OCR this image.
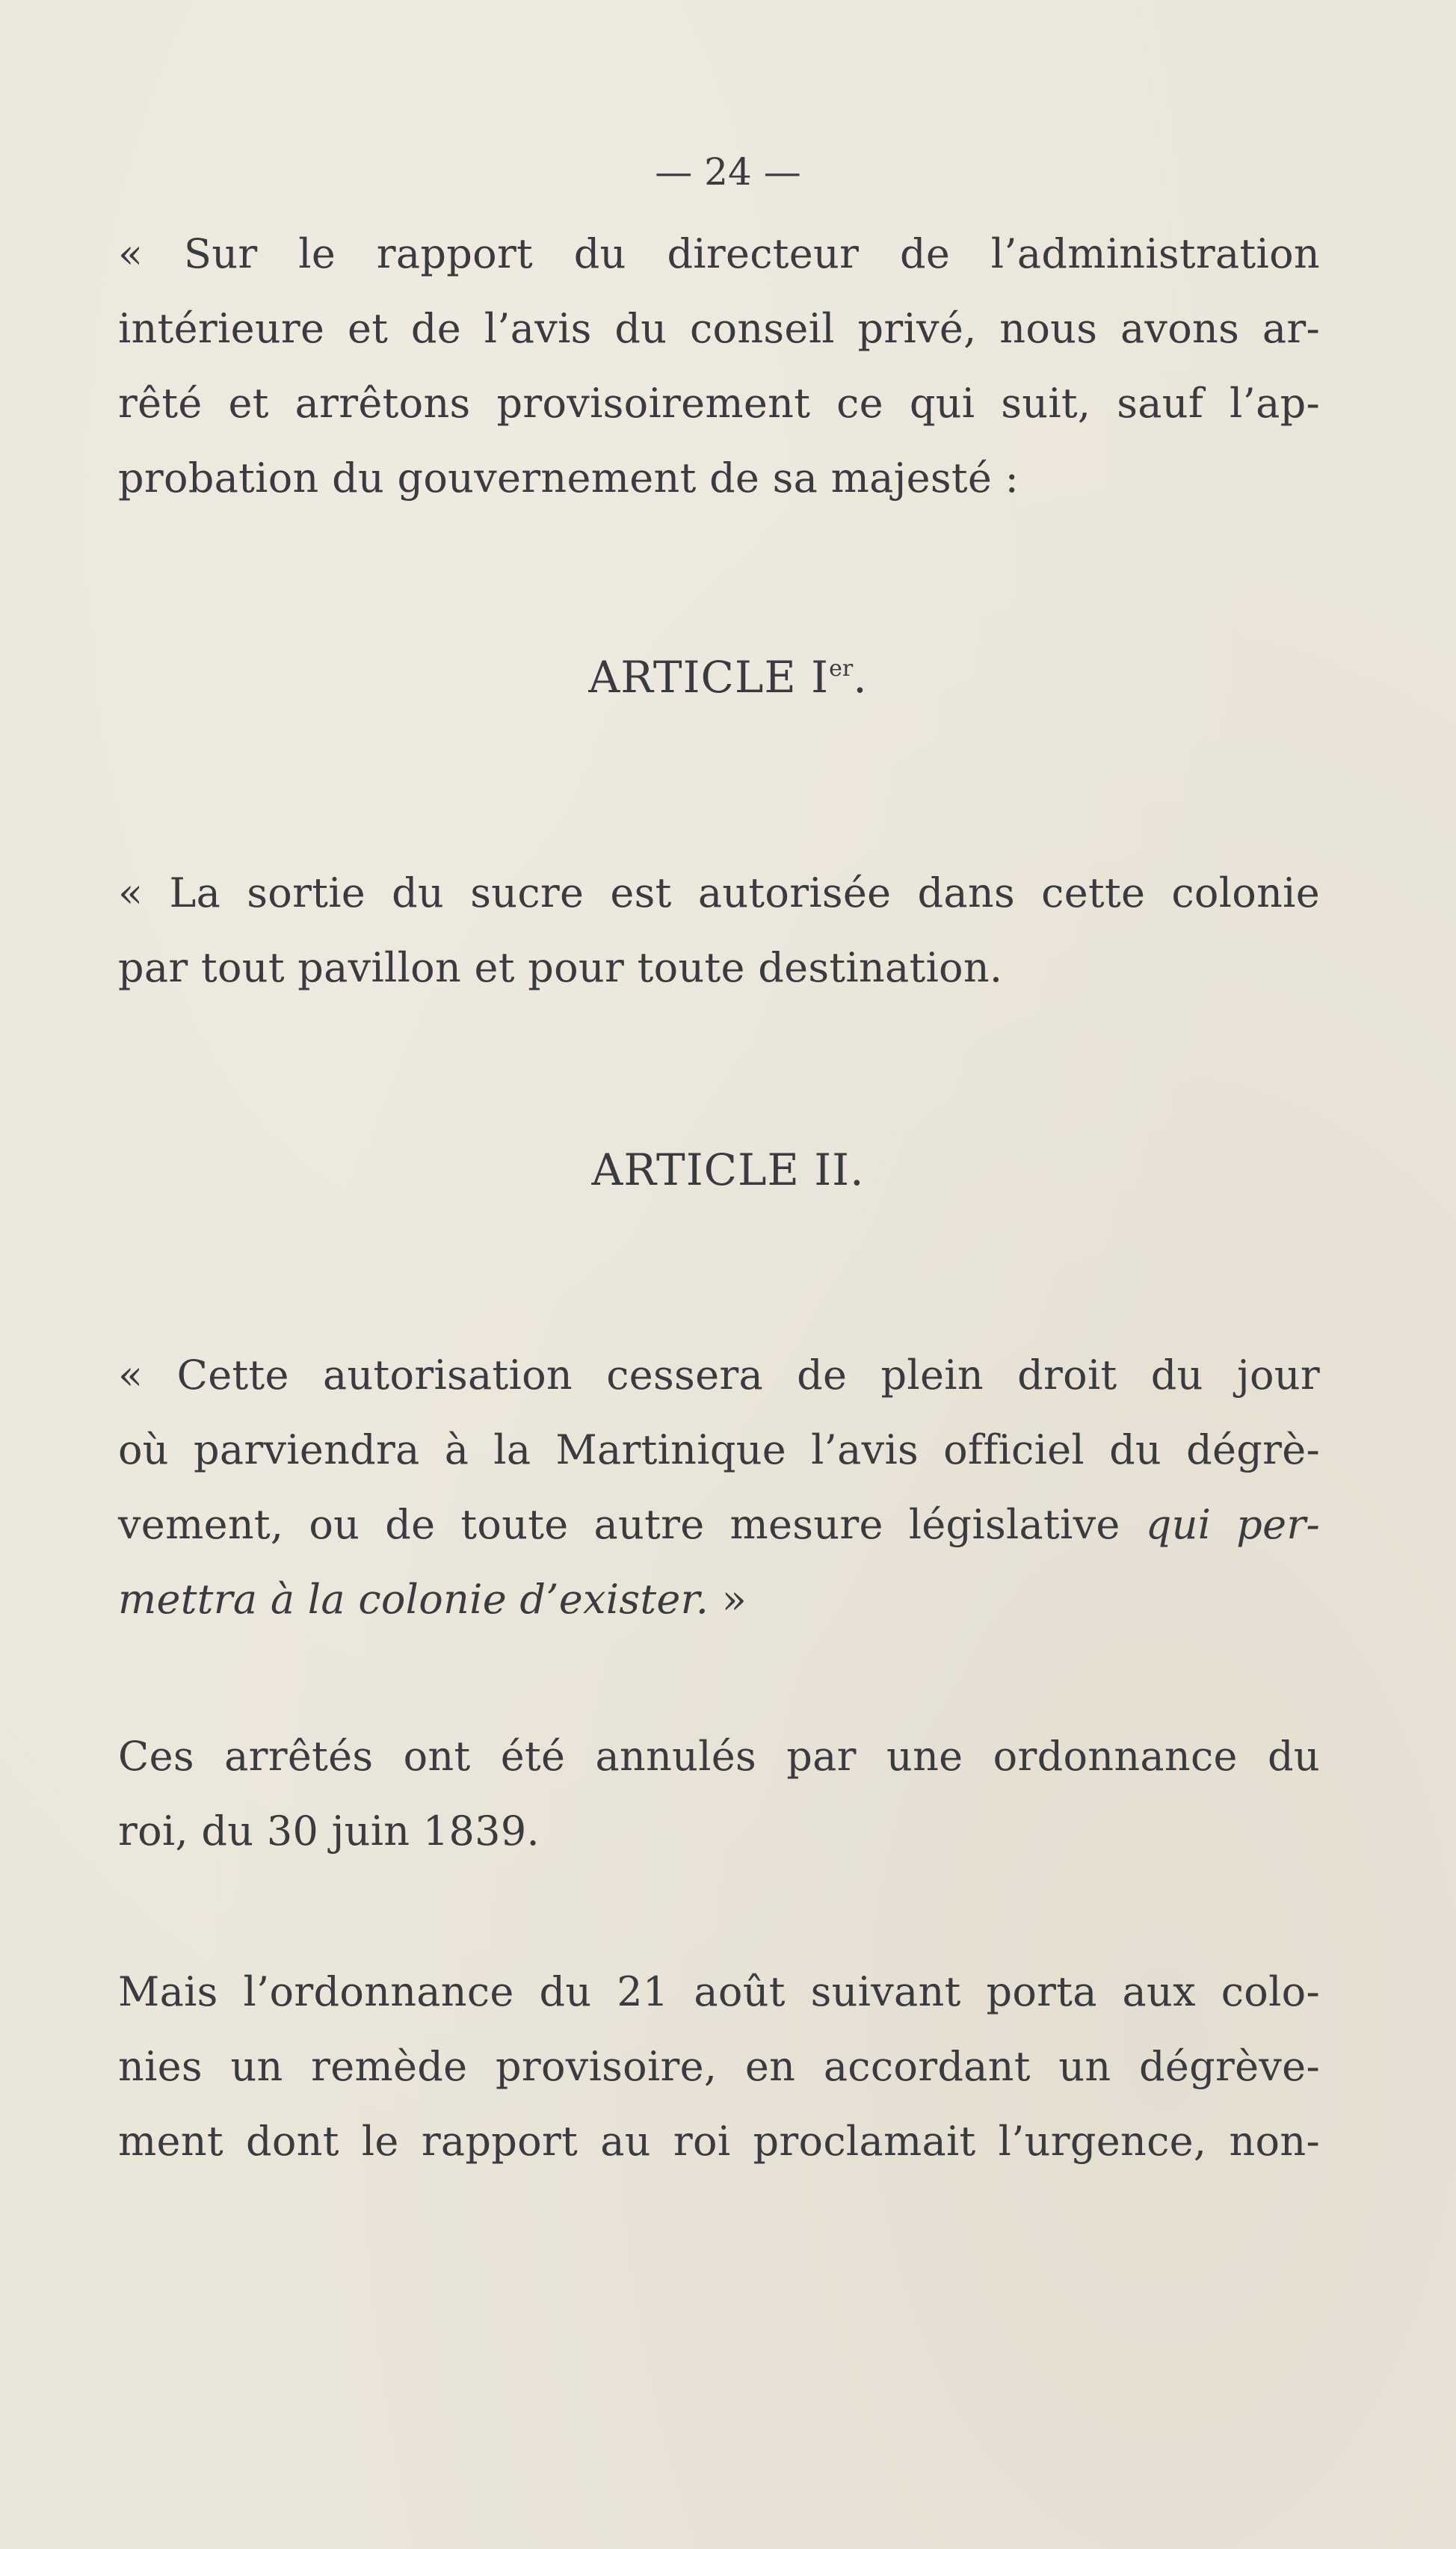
— 24 —
« Sur le rapport du directeur de l’administration
intérieure et de l’avis du conseil privé, nous avons ar-
rêté et arrêtons provisoirement ce qui suit, sauf l’ap-
probation du gouvernement de sa majesté :
ARTICLE Ier.
« La sortie du sucre est autorisée dans cette colonie
par tout pavillon et pour toute destination.
ARTICLE II.
« Cette autorisation cessera de plein droit du jour
où parviendra à la Martinique l’avis officiel du dégrè-
vement, ou de toute autre mesure législative qui per-
mettra à la colonie d’exister. »
Ces arrêtés ont été annulés par une ordonnance du
roi, du 30 juin 1839.
Mais l’ordonnance du 21 août suivant porta aux colo-
nies un remède provisoire, en accordant un dégrève-
ment dont le rapport au roi proclamait l’urgence, non-
